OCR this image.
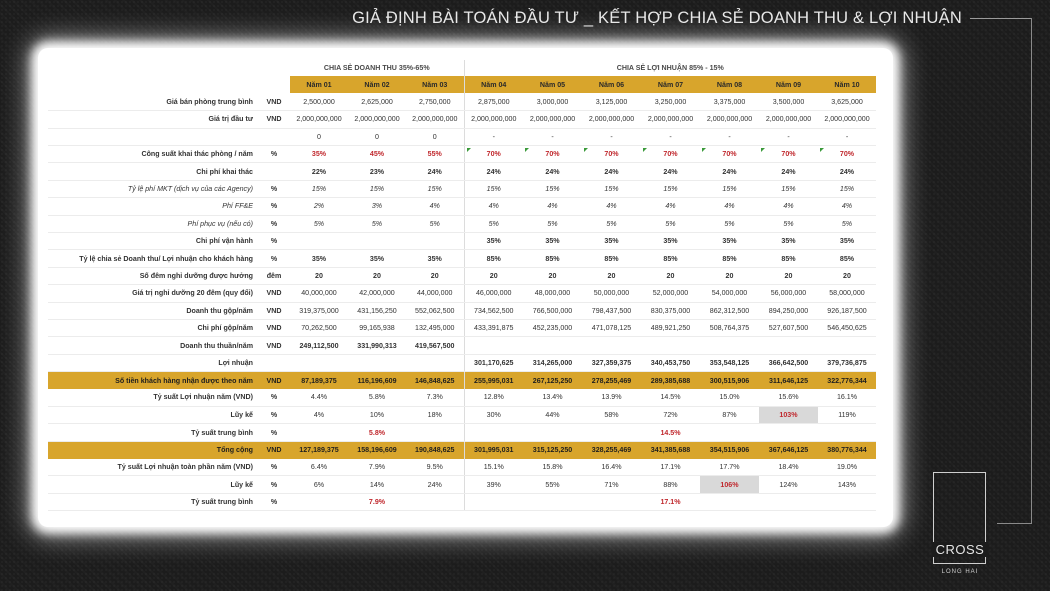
GIẢ ĐỊNH BÀI TOÁN ĐẦU TƯ _ KẾT HỢP CHIA SẺ DOANH THU & LỢI NHUẬN
		CHIA SẺ DOANH THU 35%-65%			CHIA SẺ LỢI NHUẬN 85% - 15%						
		Năm 01	Năm 02	Năm 03	Năm 04	Năm 05	Năm 06	Năm 07	Năm 08	Năm 09	Năm 10
Giá bán phòng trung bình	VND	2,500,000	2,625,000	2,750,000	2,875,000	3,000,000	3,125,000	3,250,000	3,375,000	3,500,000	3,625,000
Giá trị đầu tư	VND	2,000,000,000	2,000,000,000	2,000,000,000	2,000,000,000	2,000,000,000	2,000,000,000	2,000,000,000	2,000,000,000	2,000,000,000	2,000,000,000
		0	0	0	-	-	-	-	-	-	-
Công suất khai thác phòng / năm	%	35%	45%	55%	70%	70%	70%	70%	70%	70%	70%
Chi phí khai thác		22%	23%	24%	24%	24%	24%	24%	24%	24%	24%
Tỷ lệ phí MKT (dịch vụ của các Agency)	%	15%	15%	15%	15%	15%	15%	15%	15%	15%	15%
Phí FF&E	%	2%	3%	4%	4%	4%	4%	4%	4%	4%	4%
Phí phục vụ (nếu có)	%	5%	5%	5%	5%	5%	5%	5%	5%	5%	5%
Chi phí vận hành	%				35%	35%	35%	35%	35%	35%	35%
Tỷ lệ chia sẻ Doanh thu/ Lợi nhuận cho khách hàng	%	35%	35%	35%	85%	85%	85%	85%	85%	85%	85%
Số đêm nghỉ dưỡng được hưởng	đêm	20	20	20	20	20	20	20	20	20	20
Giá trị nghỉ dưỡng 20 đêm (quy đổi)	VND	40,000,000	42,000,000	44,000,000	46,000,000	48,000,000	50,000,000	52,000,000	54,000,000	56,000,000	58,000,000
Doanh thu gộp/năm	VND	319,375,000	431,156,250	552,062,500	734,562,500	766,500,000	798,437,500	830,375,000	862,312,500	894,250,000	926,187,500
Chi phí gộp/năm	VND	70,262,500	99,165,938	132,495,000	433,391,875	452,235,000	471,078,125	489,921,250	508,764,375	527,607,500	546,450,625
Doanh thu thuần/năm	VND	249,112,500	331,990,313	419,567,500							
Lợi nhuận					301,170,625	314,265,000	327,359,375	340,453,750	353,548,125	366,642,500	379,736,875
Số tiền khách hàng nhận được theo năm	VND	87,189,375	116,196,609	146,848,625	255,995,031	267,125,250	278,255,469	289,385,688	300,515,906	311,646,125	322,776,344
Tỷ suất Lợi nhuận năm (VND)	%	4.4%	5.8%	7.3%	12.8%	13.4%	13.9%	14.5%	15.0%	15.6%	16.1%
Lũy kế	%	4%	10%	18%	30%	44%	58%	72%	87%	103%	119%
Tỷ suất trung bình	%		5.8%					14.5%			
Tổng cộng	VND	127,189,375	158,196,609	190,848,625	301,995,031	315,125,250	328,255,469	341,385,688	354,515,906	367,646,125	380,776,344
Tỷ suất Lợi nhuận toàn phần năm (VND)	%	6.4%	7.9%	9.5%	15.1%	15.8%	16.4%	17.1%	17.7%	18.4%	19.0%
Lũy kế	%	6%	14%	24%	39%	55%	71%	88%	106%	124%	143%
Tỷ suất trung bình	%		7.9%					17.1%			
CROSS
LONG HAI
